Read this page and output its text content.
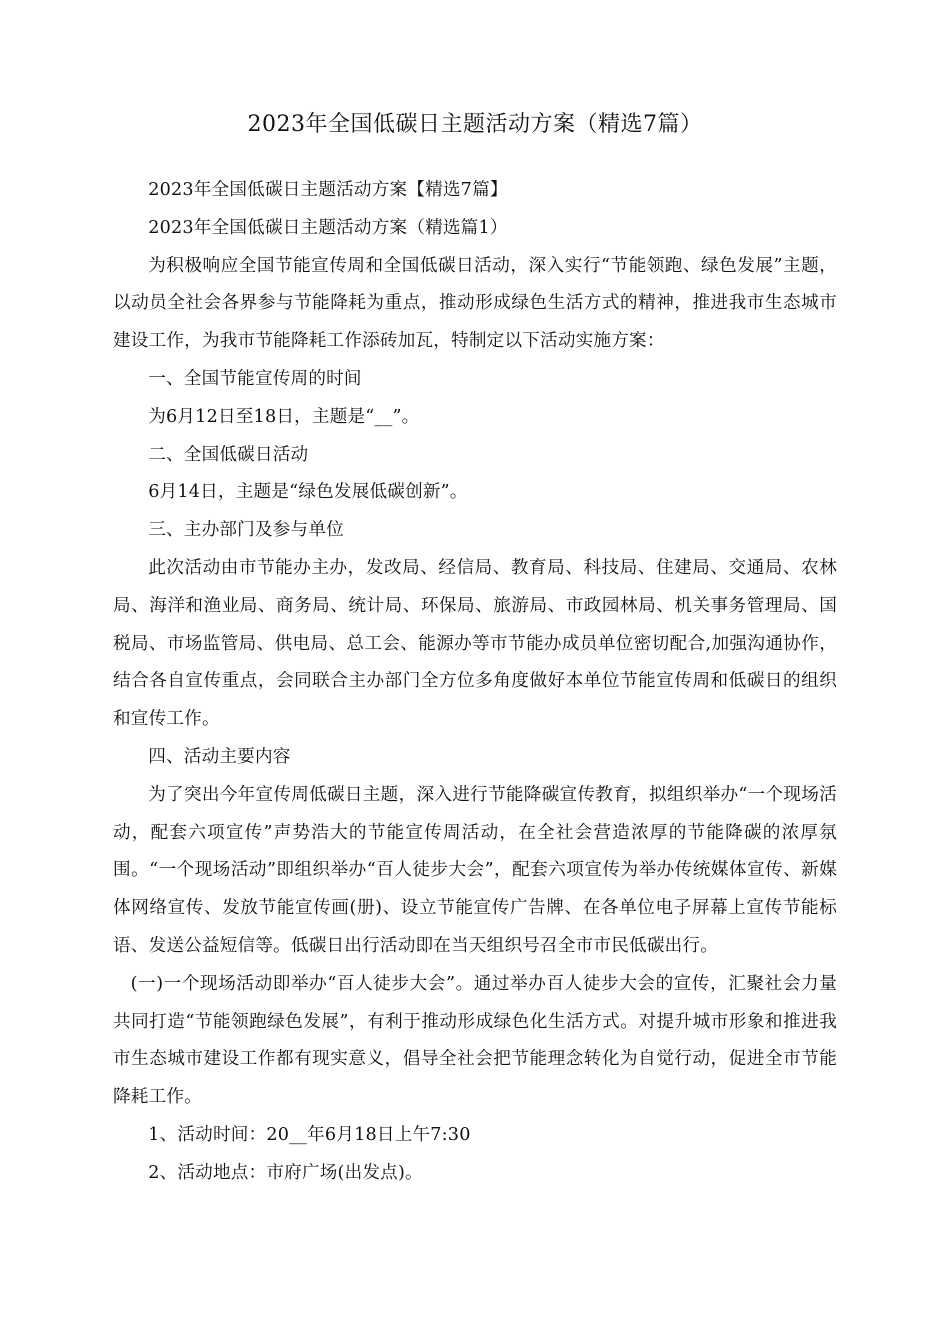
2023年全国低碳日主题活动方案（精选7篇）

2023年全国低碳日主题活动方案【精选7篇】

2023年全国低碳日主题活动方案（精选篇1）

为积极响应全国节能宣传周和全国低碳日活动，深入实行“节能领跑、绿色发展”主题，以动员全社会各界参与节能降耗为重点，推动形成绿色生活方式的精神，推进我市生态城市建设工作，为我市节能降耗工作添砖加瓦，特制定以下活动实施方案：

一、全国节能宣传周的时间

为6月12日至18日，主题是“__”。

二、全国低碳日活动

6月14日，主题是“绿色发展低碳创新”。

三、主办部门及参与单位

此次活动由市节能办主办，发改局、经信局、教育局、科技局、住建局、交通局、农林局、海洋和渔业局、商务局、统计局、环保局、旅游局、市政园林局、机关事务管理局、国税局、市场监管局、供电局、总工会、能源办等市节能办成员单位密切配合,加强沟通协作，结合各自宣传重点，会同联合主办部门全方位多角度做好本单位节能宣传周和低碳日的组织和宣传工作。

四、活动主要内容

为了突出今年宣传周低碳日主题，深入进行节能降碳宣传教育，拟组织举办“一个现场活动，配套六项宣传”声势浩大的节能宣传周活动，在全社会营造浓厚的节能降碳的浓厚氛围。“一个现场活动”即组织举办“百人徒步大会”，配套六项宣传为举办传统媒体宣传、新媒体网络宣传、发放节能宣传画(册)、设立节能宣传广告牌、在各单位电子屏幕上宣传节能标语、发送公益短信等。低碳日出行活动即在当天组织号召全市市民低碳出行。

(一)一个现场活动即举办“百人徒步大会”。通过举办百人徒步大会的宣传，汇聚社会力量共同打造“节能领跑绿色发展”，有利于推动形成绿色化生活方式。对提升城市形象和推进我市生态城市建设工作都有现实意义，倡导全社会把节能理念转化为自觉行动，促进全市节能降耗工作。

1、活动时间：20__年6月18日上午7:30

2、活动地点：市府广场(出发点)。
